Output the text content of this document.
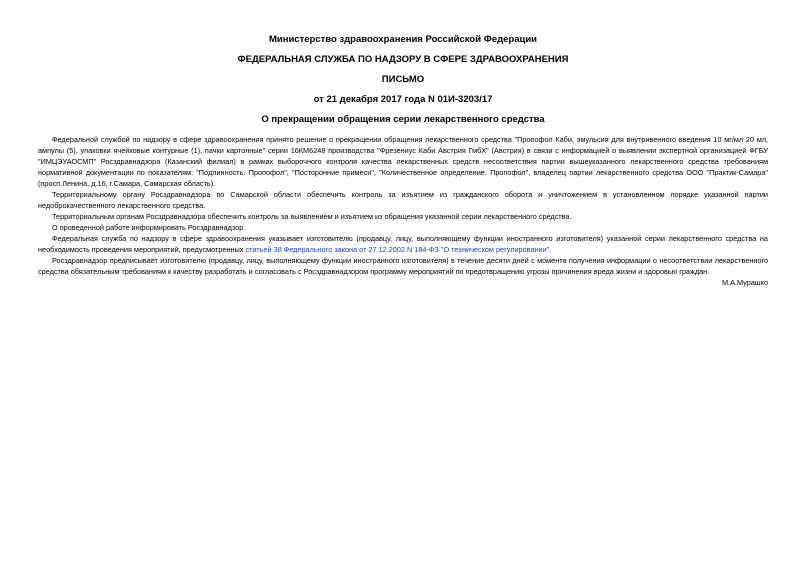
Министерство здравоохранения Российской Федерации

ФЕДЕРАЛЬНАЯ СЛУЖБА ПО НАДЗОРУ В СФЕРЕ ЗДРАВООХРАНЕНИЯ

ПИСЬМО

от 21 декабря 2017 года N 01И-3203/17

О прекращении обращения серии лекарственного средства

Федеральной службой по надзору в сфере здравоохранения принято решение о прекращении обращения лекарственного средства "Пропофол Каби, эмульсия для внутривенного введения 10 мг/мл 20 мл, ампулы (5), упаковки ячейковые контурные (1), пачки картонные" серии 16КМ6248 производства "Фрезениус Каби Австрия ГмбХ" (Австрия) в связи с информацией о выявлении экспертной организацией ФГБУ "ИМЦЭУАОСМП" Росздравнадзора (Казанский филиал) в рамках выборочного контроля качества лекарственных средств несоответствия партии вышеуказанного лекарственного средства требованиям нормативной документации по показателям: "Подлинность. Пропофол", "Посторонние примеси", "Количественное определение. Пропофол", владелец партии лекарственного средства ООО "Практик-Самара" (просп.Ленина, д.16, г.Самара, Самарская область).

Территориальному органу Росздравнадзора по Самарской области обеспечить контроль за изъятием из гражданского оборота и уничтожением в установленном порядке указанной партии недоброкачественного лекарственного средства.

Территориальным органам Росздравнадзора обеспечить контроль за выявлением и изъятием из обращения указанной серии лекарственного средства.

О проведенной работе информировать Росздравнадзор.

Федеральная служба по надзору в сфере здравоохранения указывает изготовителю (продавцу, лицу, выполняющему функции иностранного изготовителя) указанной серии лекарственного средства на необходимость проведения мероприятий, предусмотренных статьей 38 Федерального закона от 27.12.2002 N 184-ФЗ "О техническом регулировании".

Росздравнадзор предписывает изготовителю (продавцу, лицу, выполняющему функции иностранного изготовителя) в течение десяти дней с момента получения информации о несоответствии лекарственного средства обязательным требованиям к качеству разработать и согласовать с Росздравнадзором программу мероприятий по предотвращению угрозы причинения вреда жизни и здоровью граждан.

М.А.Мурашко
